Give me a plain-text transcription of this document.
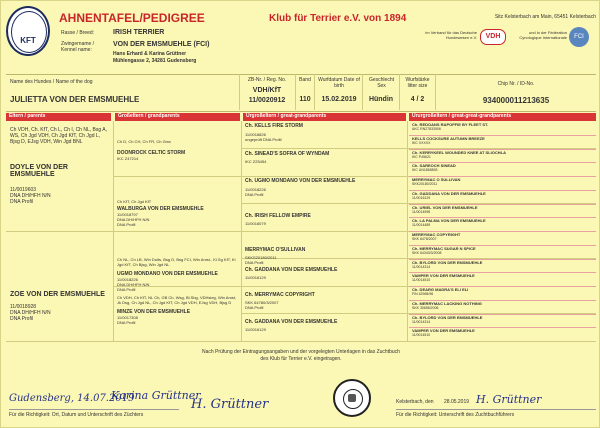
KFT
AHNENTAFEL/PEDIGREE	Klub für Terrier e.V. von 1894	Sitz Kelsterbach am Main, 65451 Kelsterbach
Rasse / Breed:	IRISH TERRIER
Zwingername / Kennel name:
VON DER EMSMUEHLE (FCI)
Hans Erhard & Karina Grüttner
Mühlengasse 2, 34281 Gudensberg
im Verband für das Deutsche Hundewesen e.V.	VDH
und in der Fédération Cynologique Internationale	FCI
Name des Hundes / Name of the dog
JULIETTA VON DER EMSMUEHLE
ZB-Nr. / Reg. No.
VDH/KfT
11/0020912
Band
110
Wurfdatum Date of birth
15.02.2019
Geschlecht Sex
Hündin
Wurfstärke litter size
4 / 2
Chip Nr. / ID-No.
934000011213635
Eltern / parents	Großeltern / grandparents	Urgroßeltern / great-grandparents	Ururgroßeltern / great-great-grandparents
Ch VDH, Ch. KfT, Ch L, Ch I, Ch NL, Bsg A, WS, Ch Jgd VDH, Ch Jgd KfT, Ch Jgd L, Bjsg D, EJsg VDH, Win Jgd BNL
DOYLE VON DER EMSMUEHLE
11/0019603
DNA DH/HFH N/N
DNA Profil
ZOE VON DER EMSMUEHLE
11/0018928
DNA DH/HFH N/N
DNA Profil
Ch D, Ch CH, Ch FR, Ch Gmv
DOONROCK CELTIC STORM
IKC Z47214
Ch KfT, Ch Jgd KfT
WALBURGA VON DER EMSMUEHLE
11/0018797
DNA DH/HFH N/N
DNA Profil
Ch NL, Ch LB, Win Duits, Bsg D, Bsg FCI, Win Amst., Kl.Sg KfT, Kl Jgd KfT, Ch Bjsg, Win Jgd NL
UGMO MONDANO VON DER EMSMUEHLE
11/0018226
DNA DH/HFH N/N
DNA Profil
Ch VDH, Ch KfT, NL Ch, GB Ch, Wsg, Bl.Sbg, VDHsieg, Win Amst, Jk Dsg, Ch Jgd NL, Ch Jgd KfT, Ch Jgd VDH, EJsg VDH, Bjsg D
MINZE VON DER EMSMUEHLE
11/0017308
DNA Profil
Ch. KELLS FIRE STORM
11/0016826
ungeprüft DNA Profil
Ch. SINEAD'S SOFRA OF WYNDAM
IKC Z25454
Ch. UGMO MONDANO VON DER EMSMUEHLE
11/0018226
DNA Profil
Ch. IRISH FELLOW EMPIRE
11/0016079
MERRYMAC O'SULLIVAN
SKKS20180/2011
DNA Profil
Ch. GADDANA VON DER EMSMUEHLE
11/0016129
Ch. MERRYMAC COPYRIGHT
SKK 64780/3/2007
DNA Profil
Ch. GADDANA VON DER EMSMUEHLE
11/0016129
Ch. REDOANS RAPOFFIE BY FLEET ST.
AKC RN27833506
KELLS COCKSURE AUTUMN BREEZE
IKC XXXXX
Ch. KERRYKEEL WOUNDED KNEE AT SLIOCHLA
IKC P45621
Ch. SAREOCH SINEAD
IKC UN1865893
MERRYMAC O SULLIVAN
SKK20180/2011
Ch. GADDANA VON DER EMSMUEHLE
11/0016129
Ch. URIEL VON DER EMSMUEHLE
11/0014995
Ch. LA PALMA VON DER EMSMUEHLE
11/0014489
MERRYMAC COPYRIGHT
SKK 6478/2007
Ch. MERRYMAC SUGAR N SPICE
SKK 64343/3/2008
Ch. BYLORD VON DER EMSMUEHLE
11/0014314
VAMPER VON DER EMSMUEHLE
11/0014510
Ch. DEARG MADRA'S ELI ELI
FIN 42965/96
Ch. MERRYMAC LACKING NOTHING
SKK 30656/2006
Ch. BYLORD VON DER EMSMUEHLE
11/0014314
VAMPER VON DER EMSMUEHLE
11/0014510
Nach Prüfung der Eintragungsangaben und der vorgelegten Unterlagen in das Zuchtbuch
des Klub für Terrier e.V. eingetragen.
Gudensberg, 14.07.2019
Karina Grüttner
H. Grüttner
Für die Richtigkeit: Ort, Datum und Unterschrift des Züchters
Kelsterbach, den 28.05.2019 H. Grüttner
Für die Richtigkeit: Unterschrift des Zuchtbuchführers
